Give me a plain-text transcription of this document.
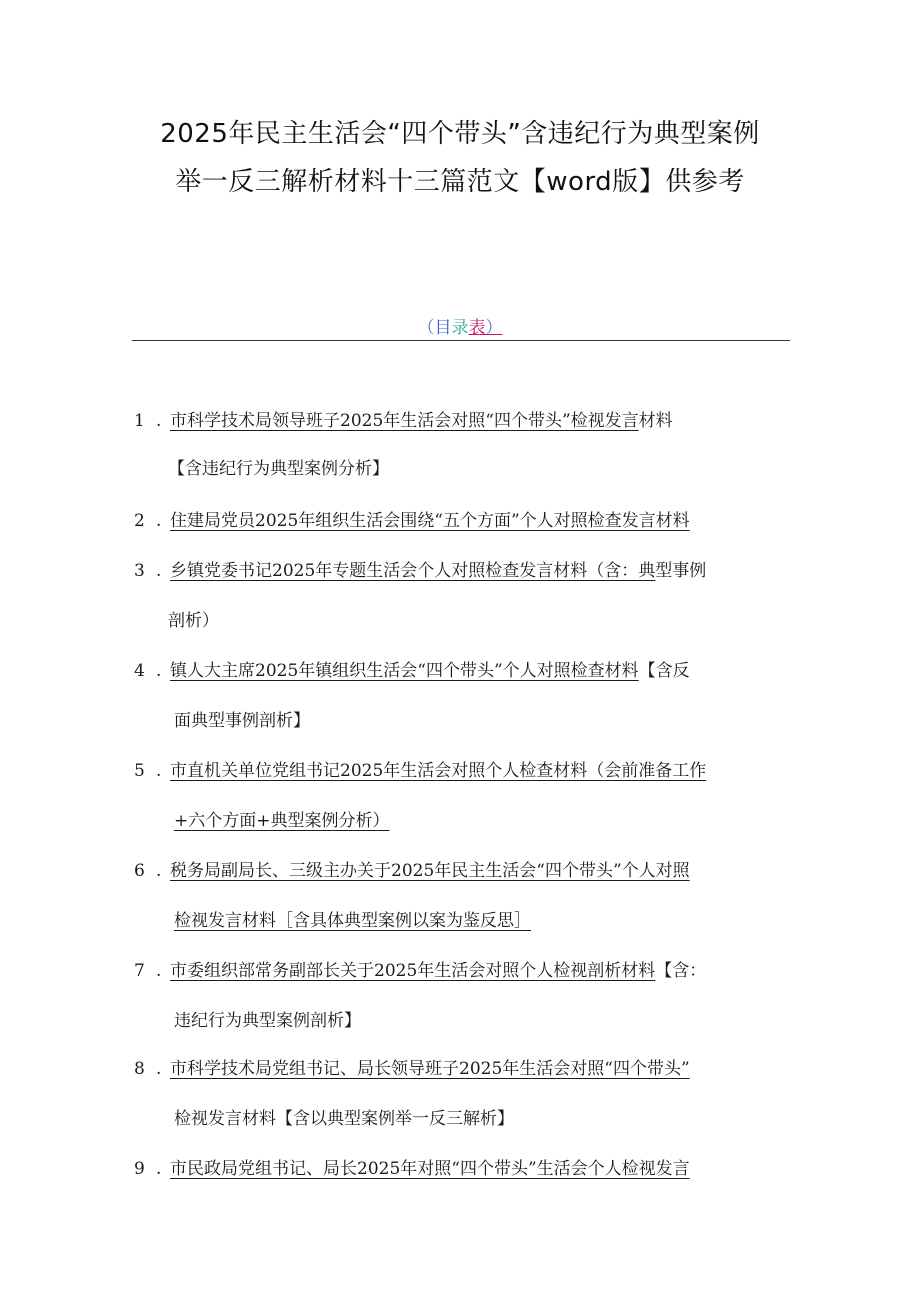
2025年民主生活会“四个带头”含违纪行为典型案例
举一反三解析材料十三篇范文【word版】供参考
（目录表）
1 . 市科学技术局领导班子2025年生活会对照“四个带头”检视发言材料
【含违纪行为典型案例分析】
2 . 住建局党员2025年组织生活会围绕“五个方面”个人对照检查发言材料
3 . 乡镇党委书记2025年专题生活会个人对照检查发言材料（含：典型事例
剖析）
4 . 镇人大主席2025年镇组织生活会“四个带头”个人对照检查材料【含反
面典型事例剖析】
5 . 市直机关单位党组书记2025年生活会对照个人检查材料（会前准备工作
+六个方面+典型案例分析）
6 . 税务局副局长、三级主办关于2025年民主生活会“四个带头”个人对照
检视发言材料［含具体典型案例以案为鉴反思］
7 . 市委组织部常务副部长关于2025年生活会对照个人检视剖析材料【含：
违纪行为典型案例剖析】
8 . 市科学技术局党组书记、局长领导班子2025年生活会对照“四个带头”
检视发言材料【含以典型案例举一反三解析】
9 . 市民政局党组书记、局长2025年对照“四个带头”生活会个人检视发言
